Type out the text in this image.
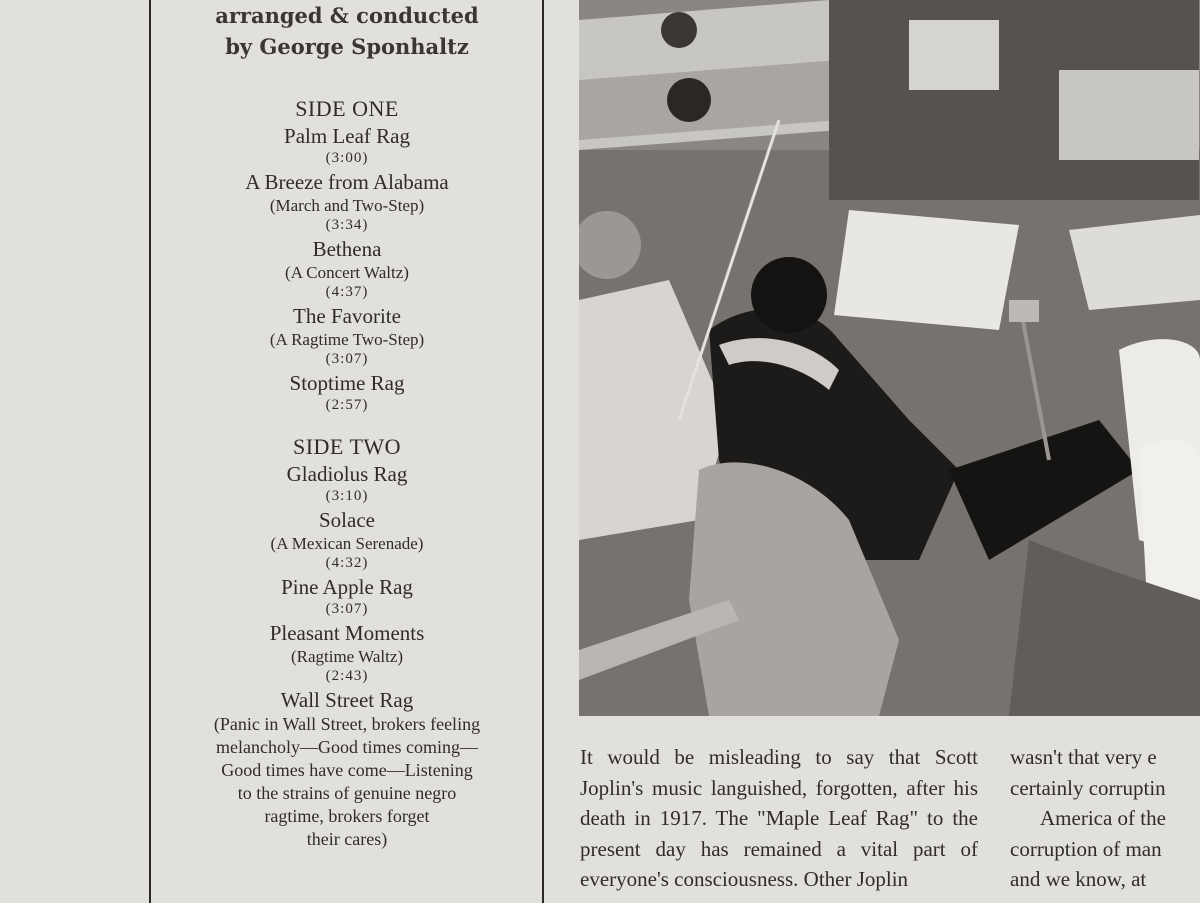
arranged & conducted
by George Sponhaltz
SIDE ONE
Palm Leaf Rag
(3:00)
A Breeze from Alabama
(March and Two-Step)
(3:34)
Bethena
(A Concert Waltz)
(4:37)
The Favorite
(A Ragtime Two-Step)
(3:07)
Stoptime Rag
(2:57)
SIDE TWO
Gladiolus Rag
(3:10)
Solace
(A Mexican Serenade)
(4:32)
Pine Apple Rag
(3:07)
Pleasant Moments
(Ragtime Waltz)
(2:43)
Wall Street Rag
(Panic in Wall Street, brokers feeling
melancholy—Good times coming—
Good times have come—Listening
to the strains of genuine negro
ragtime, brokers forget
their cares)

It would be misleading to say that Scott Joplin's music languished, forgotten, after his death in 1917. The "Maple Leaf Rag" to the present day has remained a vital part of everyone's consciousness. Other Joplin

wasn't that very e
certainly corruptin
America of the
corruption of man
and we know, at
